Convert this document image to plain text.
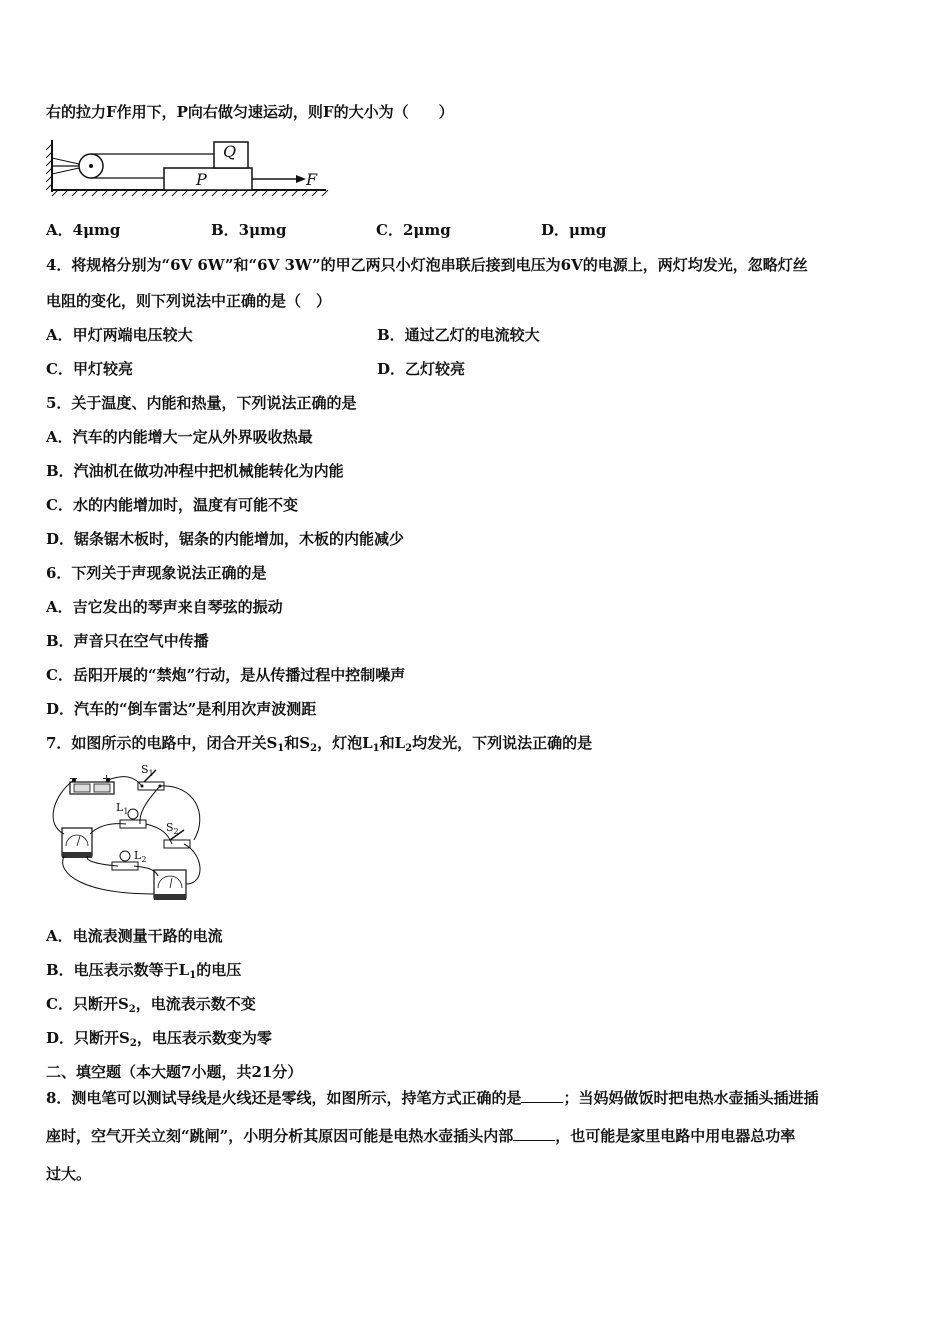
右的拉力F作用下，P向右做匀速运动，则F的大小为（　　）
Q
P	F
A．4μmg	B．3μmg	C．2μmg	D．μmg
4．将规格分别为“6V 6W”和“6V 3W”的甲乙两只小灯泡串联后接到电压为6V的电源上，两灯均发光，忽略灯丝
电阻的变化，则下列说法中正确的是（　）
A．甲灯两端电压较大	B．通过乙灯的电流较大
C．甲灯较亮	D．乙灯较亮
5．关于温度、内能和热量，下列说法正确的是
A．汽车的内能增大一定从外界吸收热最
B．汽油机在做功冲程中把机械能转化为内能
C．水的内能增加时，温度有可能不变
D．锯条锯木板时，锯条的内能增加，木板的内能减少
6．下列关于声现象说法正确的是
A．吉它发出的琴声来自琴弦的振动
B．声音只在空气中传播
C．岳阳开展的“禁炮”行动，是从传播过程中控制噪声
D．汽车的“倒车雷达”是利用次声波测距
7．如图所示的电路中，闭合开关$S_1$和$S_2$，灯泡$L_1$和$L_2$均发光，下列说法正确的是
− +
$S_1$
$L_1$
$S_2$
$L_2$
A．电流表测量干路的电流
B．电压表示数等于$L_1$的电压
C．只断开$S_2$，电流表示数不变
D．只断开$S_2$，电压表示数变为零
二、填空题（本大题7小题，共21分）
8．测电笔可以测试导线是火线还是零线，如图所示，持笔方式正确的是	；当妈妈做饭时把电热水壶插头插进插
座时，空气开关立刻“跳闸”，小明分析其原因可能是电热水壶插头内部	，也可能是家里电路中用电器总功率
过大。
